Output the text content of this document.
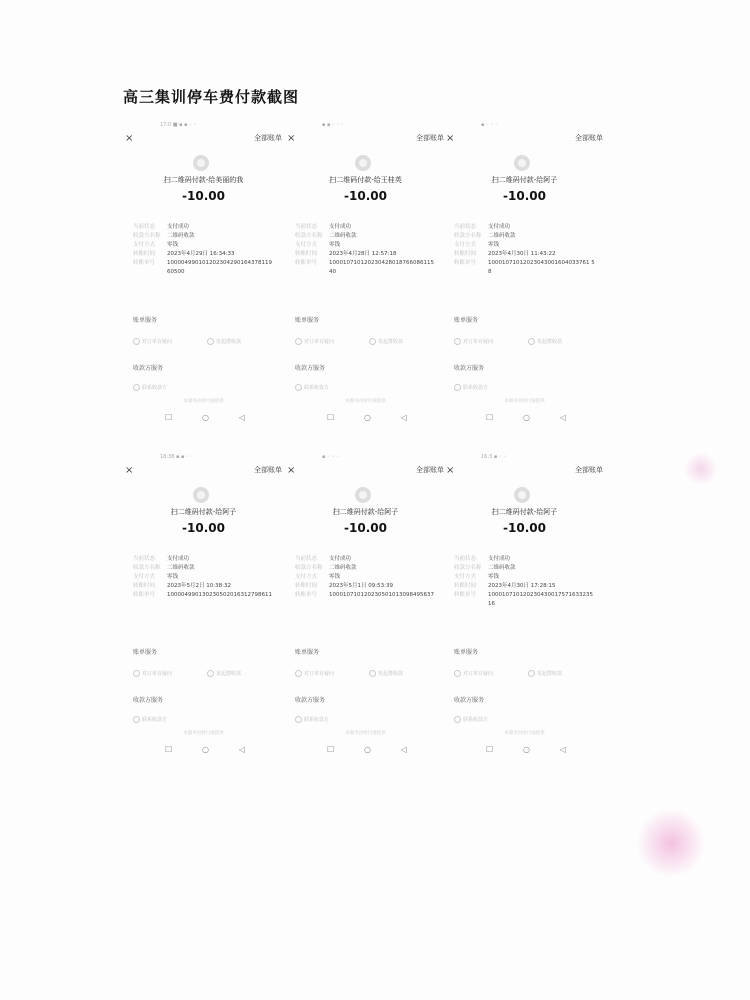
高三集训停车费付款截图
17:0 ■ ▪ ▪ ◦ ◦
×	全部账单
扫二维码付款-给美丽的我
-10.00
当前状态	支付成功
收款方名称	二维码收款
支付方式	零钱
转账时间	2023年4月29日 16:34:33
转账单号	10000499010120230429016437811960500
账单服务
对订单有疑问	发起群收款
收款方服务
联系收款方
本服务由财付通提供
☐	○	◁
▪ ▪ ◦ ◦ ◦
×	全部账单
扫二维码付款-给王桂英
-10.00
当前状态	支付成功
收款方名称	二维码收款
支付方式	零钱
转账时间	2023年4月28日 12:57:18
转账单号	100010710120230428018766086115 40
账单服务
对订单有疑问	发起群收款
收款方服务
联系收款方
本服务由财付通提供
☐	○	◁
▪ ◦ ◦ ◦
×	全部账单
扫二维码付款-给阿子
-10.00
当前状态	支付成功
收款方名称	二维码收款
支付方式	零钱
转账时间	2023年4月30日 11:43:22
转账单号	10001071012023043001604033761 58
账单服务
对订单有疑问	发起群收款
收款方服务
联系收款方
本服务由财付通提供
☐	○	◁
18:38 ▪ ▪ ◦ ◦
×	全部账单
扫二维码付款-给阿子
-10.00
当前状态	支付成功
收款方名称	二维码收款
支付方式	零钱
转账时间	2023年5月2日 10:38:32
转账单号	100004990130230502016312798611
账单服务
对订单有疑问	发起群收款
收款方服务
联系收款方
本服务由财付通提供
☐	○	◁
▪ ◦ ◦ ◦
×	全部账单
扫二维码付款-给阿子
-10.00
当前状态	支付成功
收款方名称	二维码收款
支付方式	零钱
转账时间	2023年5月1日 09:53:39
转账单号	100010710120230501013098495637
账单服务
对订单有疑问	发起群收款
收款方服务
联系收款方
本服务由财付通提供
☐	○	◁
16:3 ▪ ◦ ◦
×	全部账单
扫二维码付款-给阿子
-10.00
当前状态	支付成功
收款方名称	二维码收款
支付方式	零钱
转账时间	2023年4月30日 17:28:15
转账单号	10001071012023043001757163323516
账单服务
对订单有疑问	发起群收款
收款方服务
联系收款方
本服务由财付通提供
☐	○	◁
